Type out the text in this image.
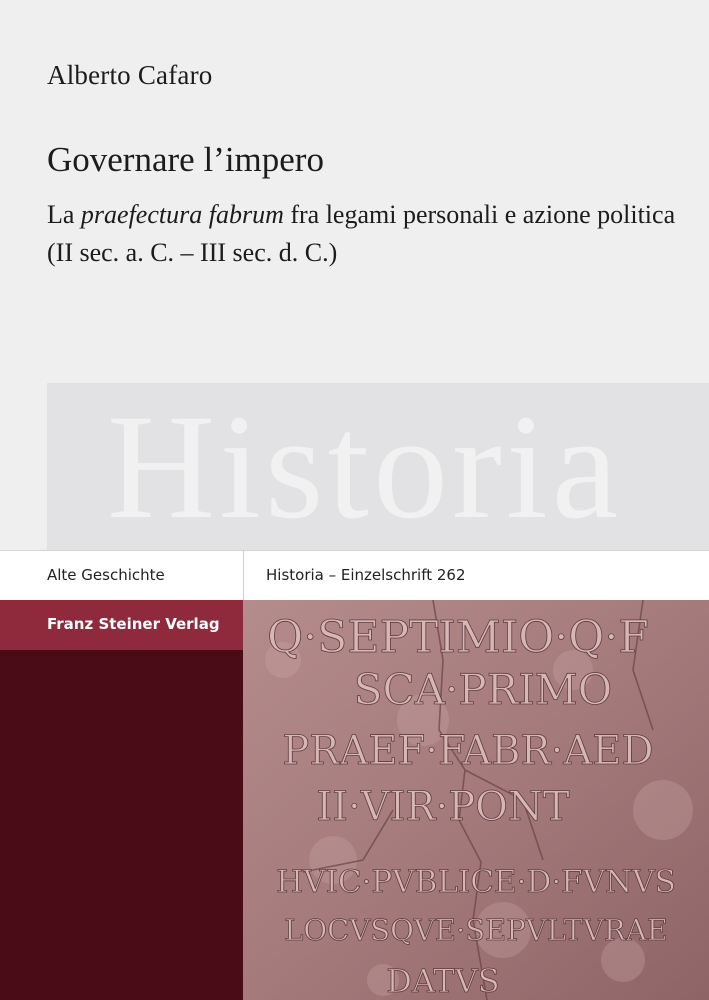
Alberto Cafaro
Governare l’impero
La praefectura fabrum fra legami personali e azione politica (II sec. a. C. – III sec. d. C.)
Historia
Alte Geschichte	Historia – Einzelschrift 262
Franz Steiner Verlag Q·SEPTIMIO·Q·F
SCA·PRIMO
PRAEF·FABR·AED
II·VIR·PONT
HVIC·PVBLICE·D·FVNVS
LOCVSQVE·SEPVLTVRAE
DATVS
